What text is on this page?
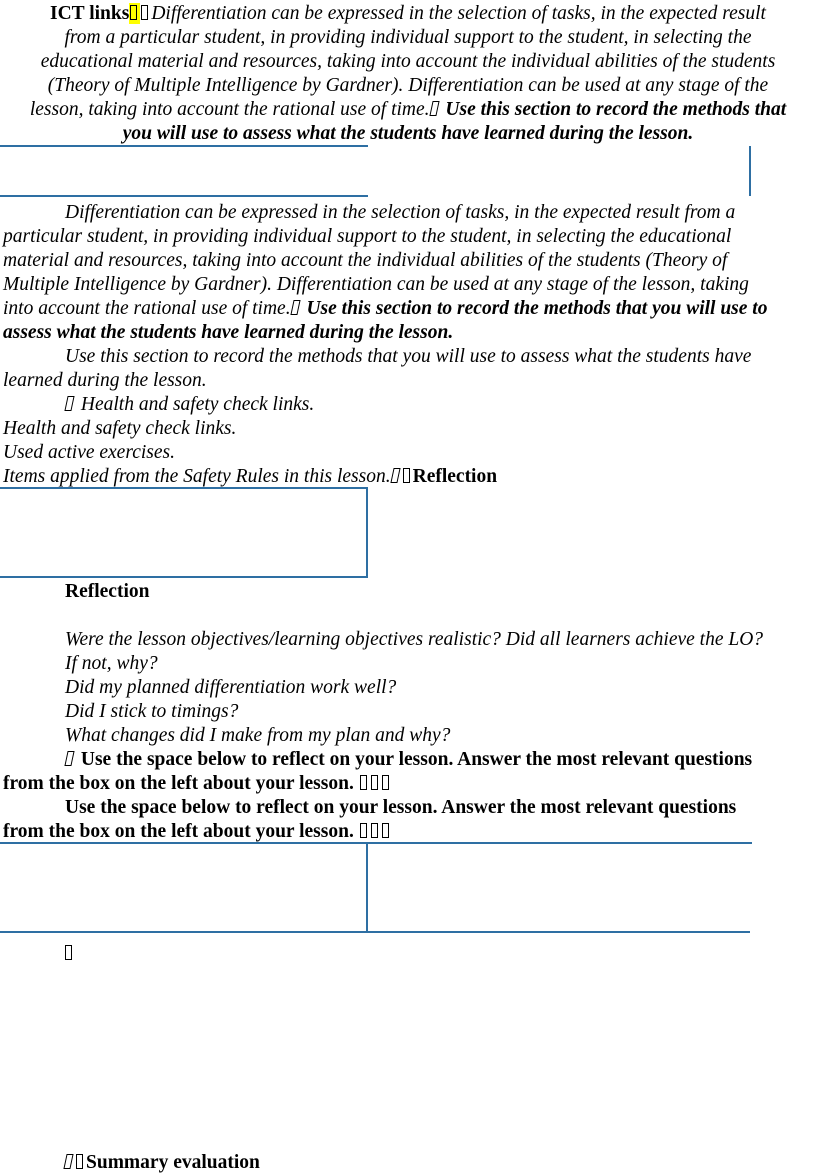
ICT links Differentiation can be expressed in the selection of tasks, in the expected result
from a particular student, in providing individual support to the student, in selecting the
educational material and resources, taking into account the individual abilities of the students
(Theory of Multiple Intelligence by Gardner). Differentiation can be used at any stage of the
lesson, taking into account the rational use of time. Use this section to record the methods that
you will use to assess what the students have learned during the lesson.
Differentiation can be expressed in the selection of tasks, in the expected result from a
particular student, in providing individual support to the student, in selecting the educational
material and resources, taking into account the individual abilities of the students (Theory of
Multiple Intelligence by Gardner). Differentiation can be used at any stage of the lesson, taking
into account the rational use of time. Use this section to record the methods that you will use to
assess what the students have learned during the lesson.
Use this section to record the methods that you will use to assess what the students have
learned during the lesson.
Health and safety check links.
Health and safety check links.
Used active exercises.
Items applied from the Safety Rules in this lesson. Reflection
Reflection
Were the lesson objectives/learning objectives realistic? Did all learners achieve the LO?
If not, why?
Did my planned differentiation work well?
Did I stick to timings?
What changes did I make from my plan and why?
Use the space below to reflect on your lesson. Answer the most relevant questions
from the box on the left about your lesson.
Use the space below to reflect on your lesson. Answer the most relevant questions
from the box on the left about your lesson.
Summary evaluation
